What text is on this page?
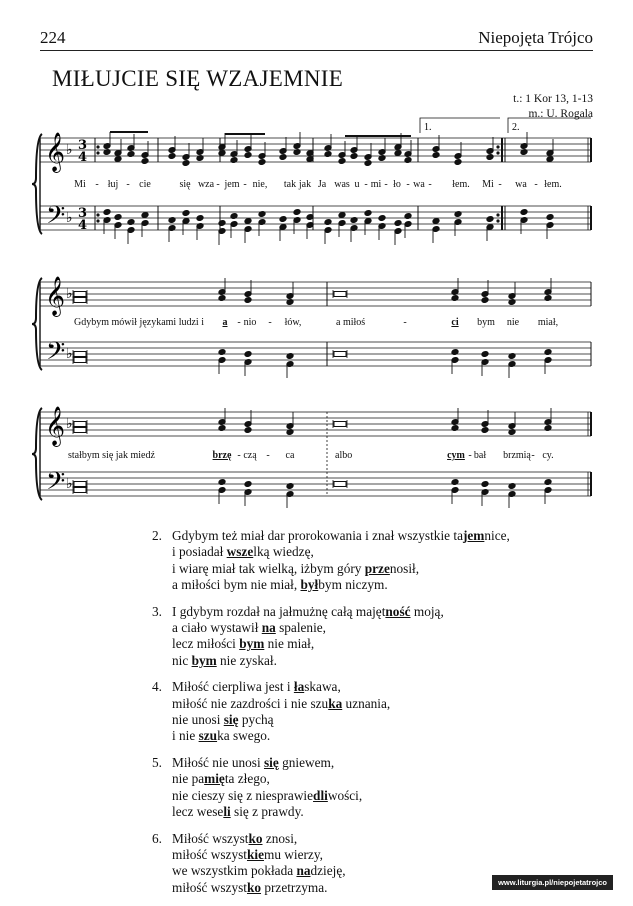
224	Niepojęta Trójco
MIŁUJCIE SIĘ WZAJEMNIE
t.: 1 Kor 13, 1-13
m.: U. Rogala
𝄞
𝄢
♭
♭
3
4
3
4
1.	2.
Mi - łuj - cie	się wza - jem - nie, tak jak Ja was u - mi - ło - wa - łem. Mi - wa - łem.
𝄞
𝄢
♭
♭
Gdybym mówił językami ludzi i a - nio - łów,	a miłoś	-	ci bym nie miał,
𝄞
𝄢
♭
♭
stałbym się jak miedź	brzę - czą - ca	albo	cym - bał brzmią - cy.
2. Gdybym też miał dar prorokowania i znał wszystkie tajemnice,
i posiadał wszelką wiedzę,
i wiarę miał tak wielką, iżbym góry przenosił,
a miłości bym nie miał, byłbym niczym.
3. I gdybym rozdał na jałmużnę całą majętność moją,
a ciało wystawił na spalenie,
lecz miłości bym nie miał,
nic bym nie zyskał.
4. Miłość cierpliwa jest i łaskawa,
miłość nie zazdrości i nie szuka uznania,
nie unosi się pychą
i nie szuka swego.
5. Miłość nie unosi się gniewem,
nie pamięta złego,
nie cieszy się z niesprawiedliwości,
lecz weseli się z prawdy.
6. Miłość wszystko znosi,
miłość wszystkiemu wierzy,
we wszystkim pokłada nadzieję,
miłość wszystko przetrzyma.	www.liturgia.pl/niepojetatrojco
